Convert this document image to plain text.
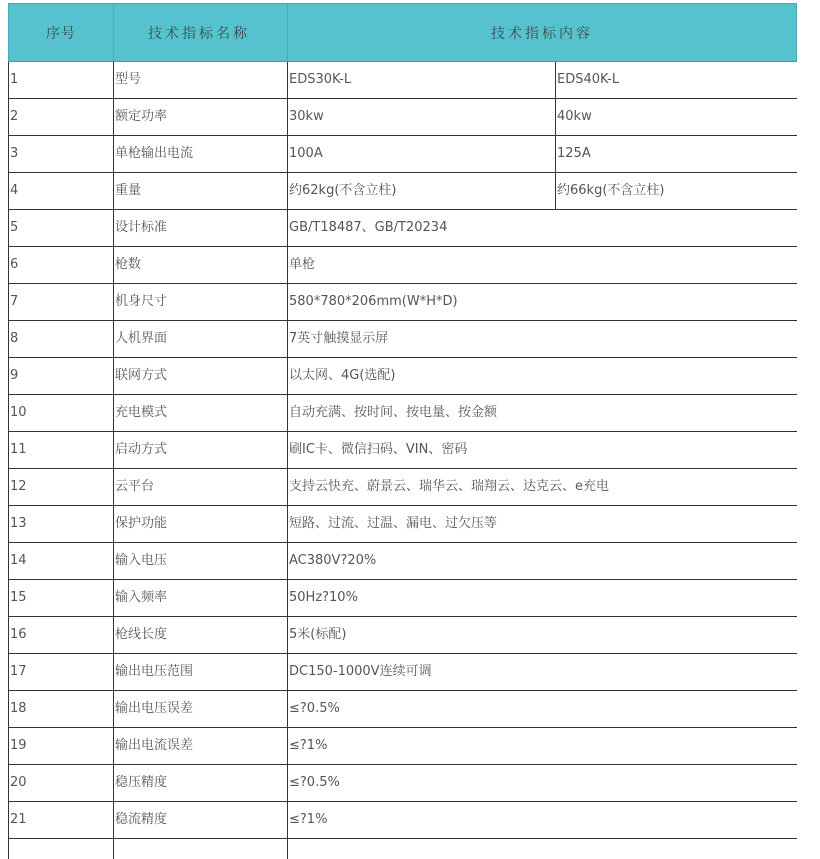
序号	技术指标名称	技术指标内容	
1	型号	EDS30K-L	EDS40K-L
2	额定功率	30kw	40kw
3	单枪输出电流	100A	125A
4	重量	约62kg(不含立柱)	约66kg(不含立柱)
5	设计标准	GB/T18487、GB/T20234	
6	枪数	单枪	
7	机身尺寸	580*780*206mm(W*H*D)	
8	人机界面	7英寸触摸显示屏	
9	联网方式	以太网、4G(选配)	
10	充电模式	自动充满、按时间、按电量、按金额	
11	启动方式	刷IC卡、微信扫码、VIN、密码	
12	云平台	支持云快充、蔚景云、瑞华云、瑞翔云、达克云、e充电	
13	保护功能	短路、过流、过温、漏电、过欠压等	
14	输入电压	AC380V?20%	
15	输入频率	50Hz?10%	
16	枪线长度	5米(标配)	
17	输出电压范围	DC150-1000V连续可调	
18	输出电压误差	≤?0.5%	
19	输出电流误差	≤?1%	
20	稳压精度	≤?0.5%	
21	稳流精度	≤?1%	
